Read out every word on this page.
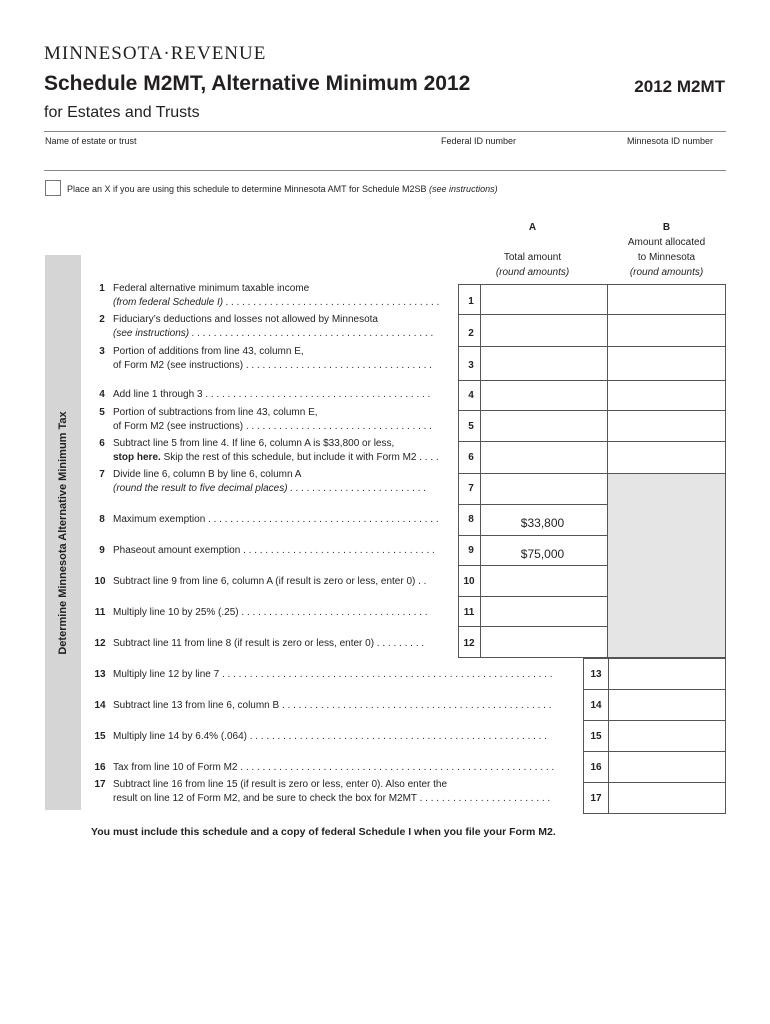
MINNESOTA·REVENUE
Schedule M2MT, Alternative Minimum 2012	2012 M2MT
for Estates and Trusts
Name of estate or trust	Federal ID number	Minnesota ID number
Place an X if you are using this schedule to determine Minnesota AMT for Schedule M2SB (see instructions)
A
Total amount
(round amounts)
B
Amount allocated
to Minnesota
(round amounts)
Determine Minnesota Alternative Minimum Tax
1 Federal alternative minimum taxable income
(from federal Schedule I) . . . . . . . . . . . . . . . . . . . . . . . . . . . . . . . . . . . . . . .	1
2 Fiduciary’s deductions and losses not allowed by Minnesota
(see instructions) . . . . . . . . . . . . . . . . . . . . . . . . . . . . . . . . . . . . . . . . . . . .	2
3 Portion of additions from line 43, column E,
of Form M2 (see instructions) . . . . . . . . . . . . . . . . . . . . . . . . . . . . . . . . . .	3
4 Add line 1 through 3 . . . . . . . . . . . . . . . . . . . . . . . . . . . . . . . . . . . . . . . . .	4
5 Portion of subtractions from line 43, column E,
of Form M2 (see instructions) . . . . . . . . . . . . . . . . . . . . . . . . . . . . . . . . . .	5
6 Subtract line 5 from line 4. If line 6, column A is $33,800 or less,
stop here. Skip the rest of this schedule, but include it with Form M2 . . . .	6
7 Divide line 6, column B by line 6, column A
(round the result to five decimal places) . . . . . . . . . . . . . . . . . . . . . . . . .	7
8 Maximum exemption . . . . . . . . . . . . . . . . . . . . . . . . . . . . . . . . . . . . . . . . . .	8	$33,800
9 Phaseout amount exemption . . . . . . . . . . . . . . . . . . . . . . . . . . . . . . . . . . .	9	$75,000
10 Subtract line 9 from line 6, column A (if result is zero or less, enter 0) . .	10
11 Multiply line 10 by 25% (.25) . . . . . . . . . . . . . . . . . . . . . . . . . . . . . . . . . .	11
12 Subtract line 11 from line 8 (if result is zero or less, enter 0) . . . . . . . . .	12
13 Multiply line 12 by line 7 . . . . . . . . . . . . . . . . . . . . . . . . . . . . . . . . . . . . . . . . . . . . . . . . . . . . . . . . . . . .	13
14 Subtract line 13 from line 6, column B . . . . . . . . . . . . . . . . . . . . . . . . . . . . . . . . . . . . . . . . . . . . . . . . .	14
15 Multiply line 14 by 6.4% (.064) . . . . . . . . . . . . . . . . . . . . . . . . . . . . . . . . . . . . . . . . . . . . . . . . . . . . . .	15
16 Tax from line 10 of Form M2 . . . . . . . . . . . . . . . . . . . . . . . . . . . . . . . . . . . . . . . . . . . . . . . . . . . . . . . . .	16
17 Subtract line 16 from line 15 (if result is zero or less, enter 0). Also enter the
result on line 12 of Form M2, and be sure to check the box for M2MT . . . . . . . . . . . . . . . . . . . . . . . .	17
You must include this schedule and a copy of federal Schedule I when you file your Form M2.
